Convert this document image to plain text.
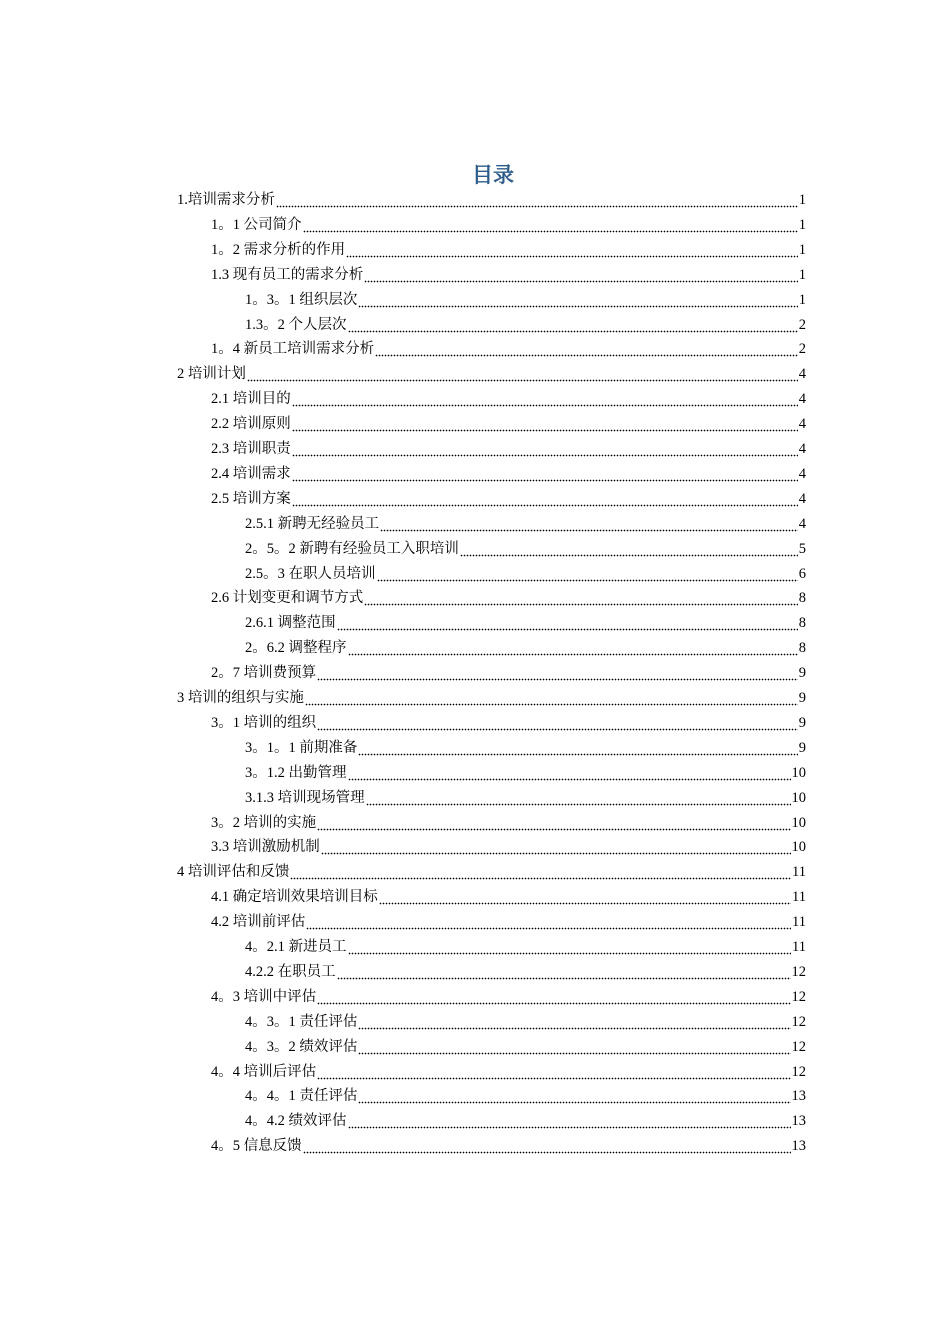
目录
1.培训需求分析	1
1。1 公司简介	1
1。2 需求分析的作用	1
1.3 现有员工的需求分析	1
1。3。1 组织层次	1
1.3。2 个人层次	2
1。4 新员工培训需求分析	2
2 培训计划	4
2.1 培训目的	4
2.2 培训原则	4
2.3 培训职责	4
2.4 培训需求	4
2.5 培训方案	4
2.5.1 新聘无经验员工	4
2。5。2 新聘有经验员工入职培训	5
2.5。3 在职人员培训	6
2.6 计划变更和调节方式	8
2.6.1 调整范围	8
2。6.2 调整程序	8
2。7 培训费预算	9
3 培训的组织与实施	9
3。1 培训的组织	9
3。1。1 前期准备	9
3。1.2 出勤管理	10
3.1.3 培训现场管理	10
3。2 培训的实施	10
3.3 培训激励机制	10
4 培训评估和反馈	11
4.1 确定培训效果培训目标	11
4.2 培训前评估	11
4。2.1 新进员工	11
4.2.2 在职员工	12
4。3 培训中评估	12
4。3。1 责任评估	12
4。3。2 绩效评估	12
4。4 培训后评估	12
4。4。1 责任评估	13
4。4.2 绩效评估	13
4。5 信息反馈	13
